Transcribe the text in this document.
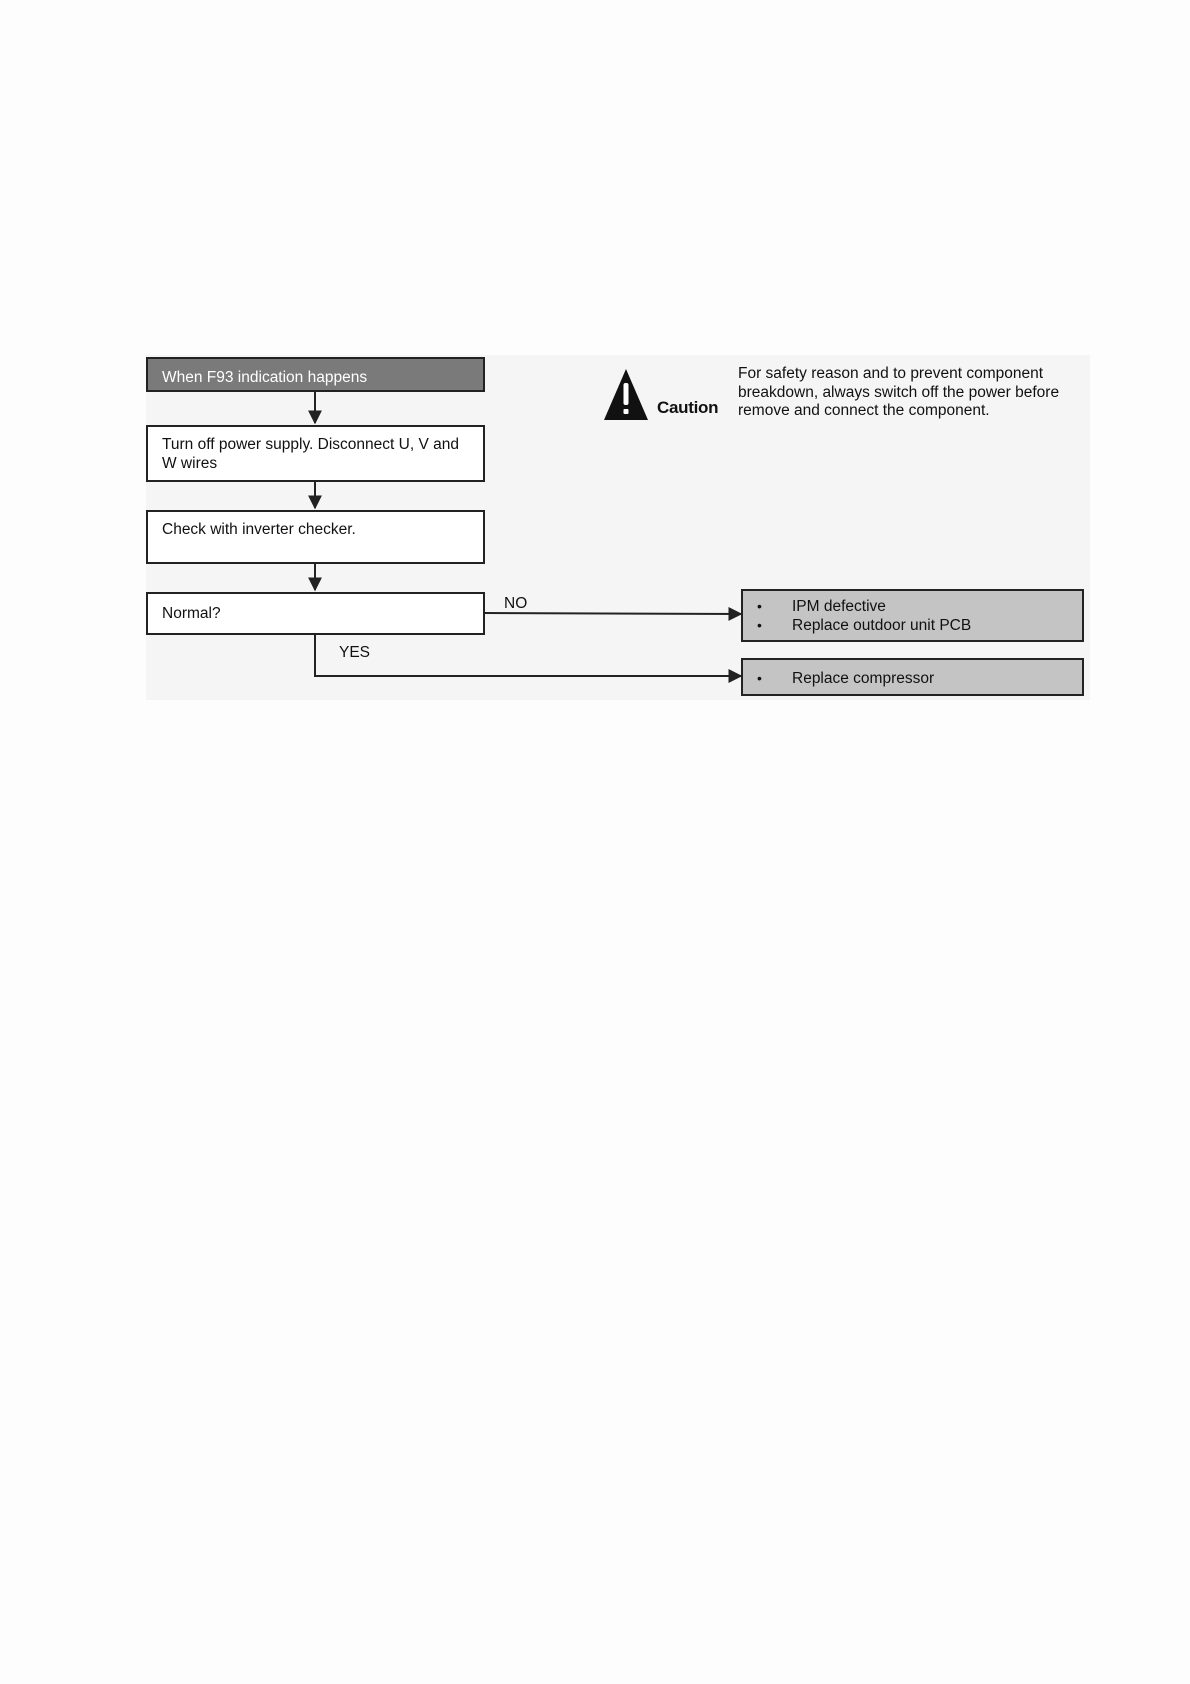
When F93 indication happens
Turn off power supply. Disconnect U, V and W wires
Check with inverter checker.
Normal?
NO
YES
•	IPM defective
•	Replace outdoor unit PCB
•	Replace compressor
Caution
For safety reason and to prevent component breakdown, always switch off the power before remove and connect the component.
